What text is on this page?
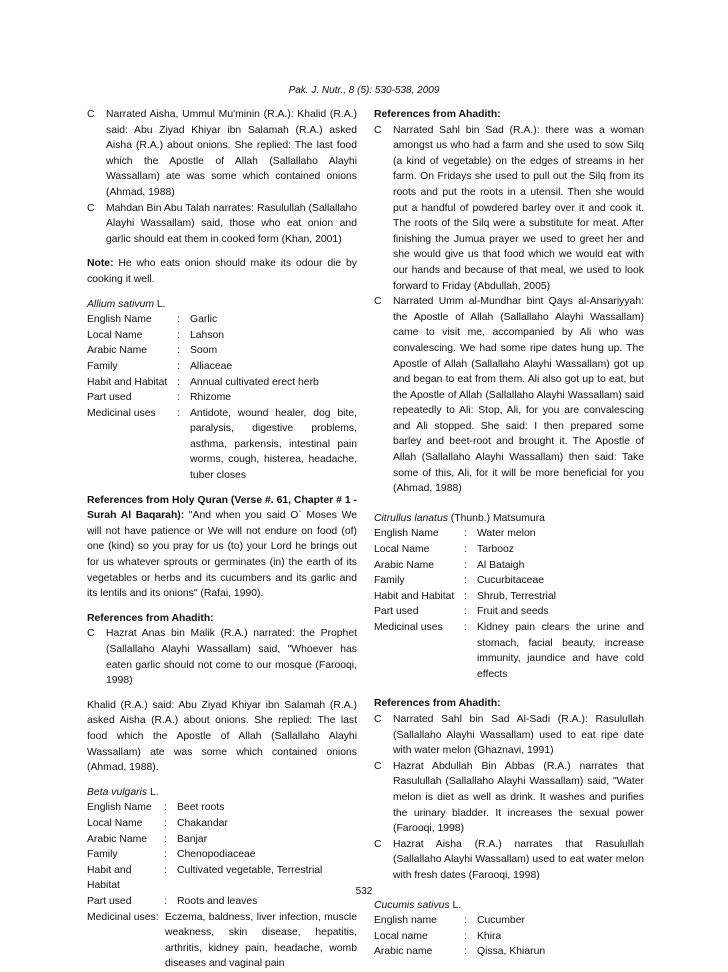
Pak. J. Nutr., 8 (5): 530-538, 2009
C	Narrated Aisha, Ummul Mu'minin (R.A.): Khalid (R.A.) said: Abu Ziyad Khiyar ibn Salamah (R.A.) asked Aisha (R.A.) about onions. She replied: The last food which the Apostle of Allah (Sallallaho Alayhi Wassallam) ate was some which contained onions (Ahmad, 1988)
C	Mahdan Bin Abu Talah narrates: Rasulullah (Sallallaho Alayhi Wassallam) said, those who eat onion and garlic should eat them in cooked form (Khan, 2001)
Note: He who eats onion should make its odour die by cooking it well.
Allium sativum L.
English Name	: Garlic
Local Name	: Lahson
Arabic Name	: Soom
Family	: Alliaceae
Habit and Habitat : Annual cultivated erect herb
Part used	: Rhizome
Medicinal uses	: Antidote, wound healer, dog bite, paralysis, digestive problems, asthma, parkensis, intestinal pain worms, cough, histerea, headache, tuber closes
References from Holy Quran (Verse #. 61, Chapter # 1 - Surah Al Baqarah): "And when you said O` Moses We will not have patience or We will not endure on food (of) one (kind) so you pray for us (to) your Lord he brings out for us whatever sprouts or germinates (in) the earth of its vegetables or herbs and its cucumbers and its garlic and its lentils and its onions" (Rafai, 1990).
References from Ahadith:
C	Hazrat Anas bin Malik (R.A.) narrated: the Prophet (Sallallaho Alayhi Wassallam) said, "Whoever has eaten garlic should not come to our mosque (Farooqi, 1998)
Khalid (R.A.) said: Abu Ziyad Khiyar ibn Salamah (R.A.) asked Aisha (R.A.) about onions. She replied: The last food which the Apostle of Allah (Sallallaho Alayhi Wassallam) ate was some which contained onions (Ahmad, 1988).
Beta vulgaris L.
English Name	: Beet roots
Local Name	: Chakandar
Arabic Name	: Banjar
Family	: Chenopodiaceae
Habit and Habitat
: Cultivated vegetable, Terrestrial
Part used	: Roots and leaves
Medicinal uses: Eczema, baldness, liver infection, muscle weakness, skin disease, hepatitis, arthritis, kidney pain, headache, womb diseases and vaginal pain
References from Ahadith:
C	Narrated Sahl bin Sad (R.A.): there was a woman amongst us who had a farm and she used to sow Silq (a kind of vegetable) on the edges of streams in her farm. On Fridays she used to pull out the Silq from its roots and put the roots in a utensil. Then she would put a handful of powdered barley over it and cook it. The roots of the Silq were a substitute for meat. After finishing the Jumua prayer we used to greet her and she would give us that food which we would eat with our hands and because of that meal, we used to look forward to Friday (Abdullah, 2005)
C	Narrated Umm al-Mundhar bint Qays al-Ansariyyah: the Apostle of Allah (Sallallaho Alayhi Wassallam) came to visit me, accompanied by Ali who was convalescing. We had some ripe dates hung up. The Apostle of Allah (Sallallaho Alayhi Wassallam) got up and began to eat from them. Ali also got up to eat, but the Apostle of Allah (Sallallaho Alayhi Wassallam) said repeatedly to Ali: Stop, Ali, for you are convalescing and Ali stopped. She said: I then prepared some barley and beet-root and brought it. The Apostle of Allah (Sallallaho Alayhi Wassallam) then said: Take some of this, Ali, for it will be more beneficial for you (Ahmad, 1988)
Citrullus lanatus (Thunb.) Matsumura
English Name	: Water melon
Local Name	: Tarbooz
Arabic Name	: Al Bataigh
Family	: Cucurbitaceae
Habit and Habitat : Shrub, Terrestrial
Part used	: Fruit and seeds
Medicinal uses	: Kidney pain clears the urine and stomach, facial beauty, increase immunity, jaundice and have cold effects
References from Ahadith:
C	Narrated Sahl bin Sad Al-Sadi (R.A.): Rasulullah (Sallallaho Alayhi Wassallam) used to eat ripe date with water melon (Ghaznavi, 1991)
C	Hazrat Abdullah Bin Abbas (R.A.) narrates that Rasulullah (Sallallaho Alayhi Wassallam) said, "Water melon is diet as well as drink. It washes and purifies the urinary bladder. It increases the sexual power (Farooqi, 1998)
C	Hazrat Aisha (R.A.) narrates that Rasulullah (Sallallaho Alayhi Wassallam) used to eat water melon with fresh dates (Farooqi, 1998)
Cucumis sativus L.
English name	: Cucumber
Local name	: Khira
Arabic name	: Qissa, Khiarun
532
